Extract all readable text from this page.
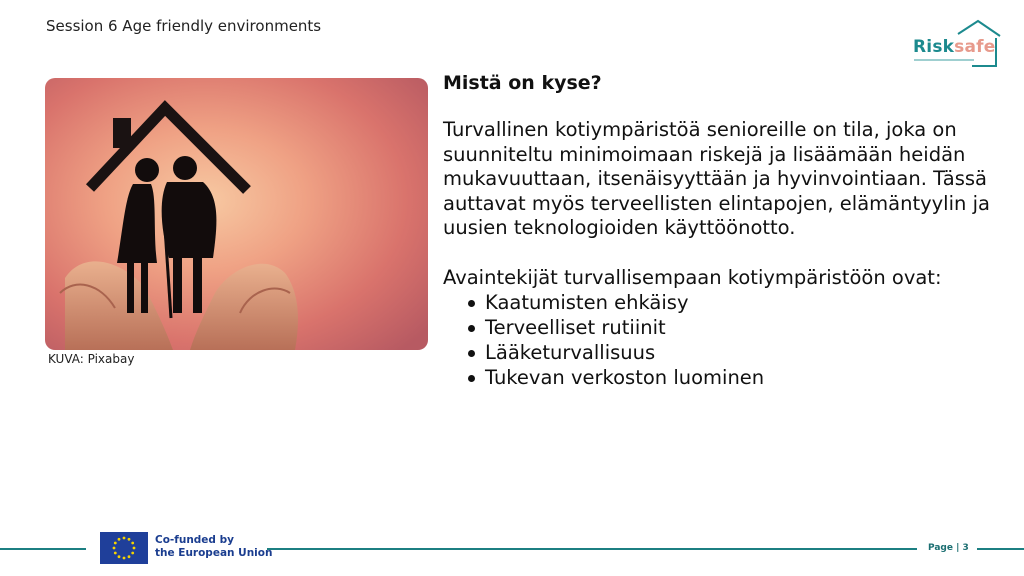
Session 6 Age friendly environments
Risksafe
KUVA: Pixabay
Mistä on kyse?

Turvallinen kotiympäristöä senioreille on tila, joka on suunniteltu minimoimaan riskejä ja lisäämään heidän mukavuuttaan, itsenäisyyttään ja hyvinvointiaan. Tässä auttavat myös terveellisten elintapojen, elämäntyylin ja uusien teknologioiden käyttöönotto.

Avaintekijät turvallisempaan kotiympäristöön ovat:

Kaatumisten ehkäisy
Terveelliset rutiinit
Lääketurvallisuus
Tukevan verkoston luominen
Co-funded by
the European Union	Page | 3
